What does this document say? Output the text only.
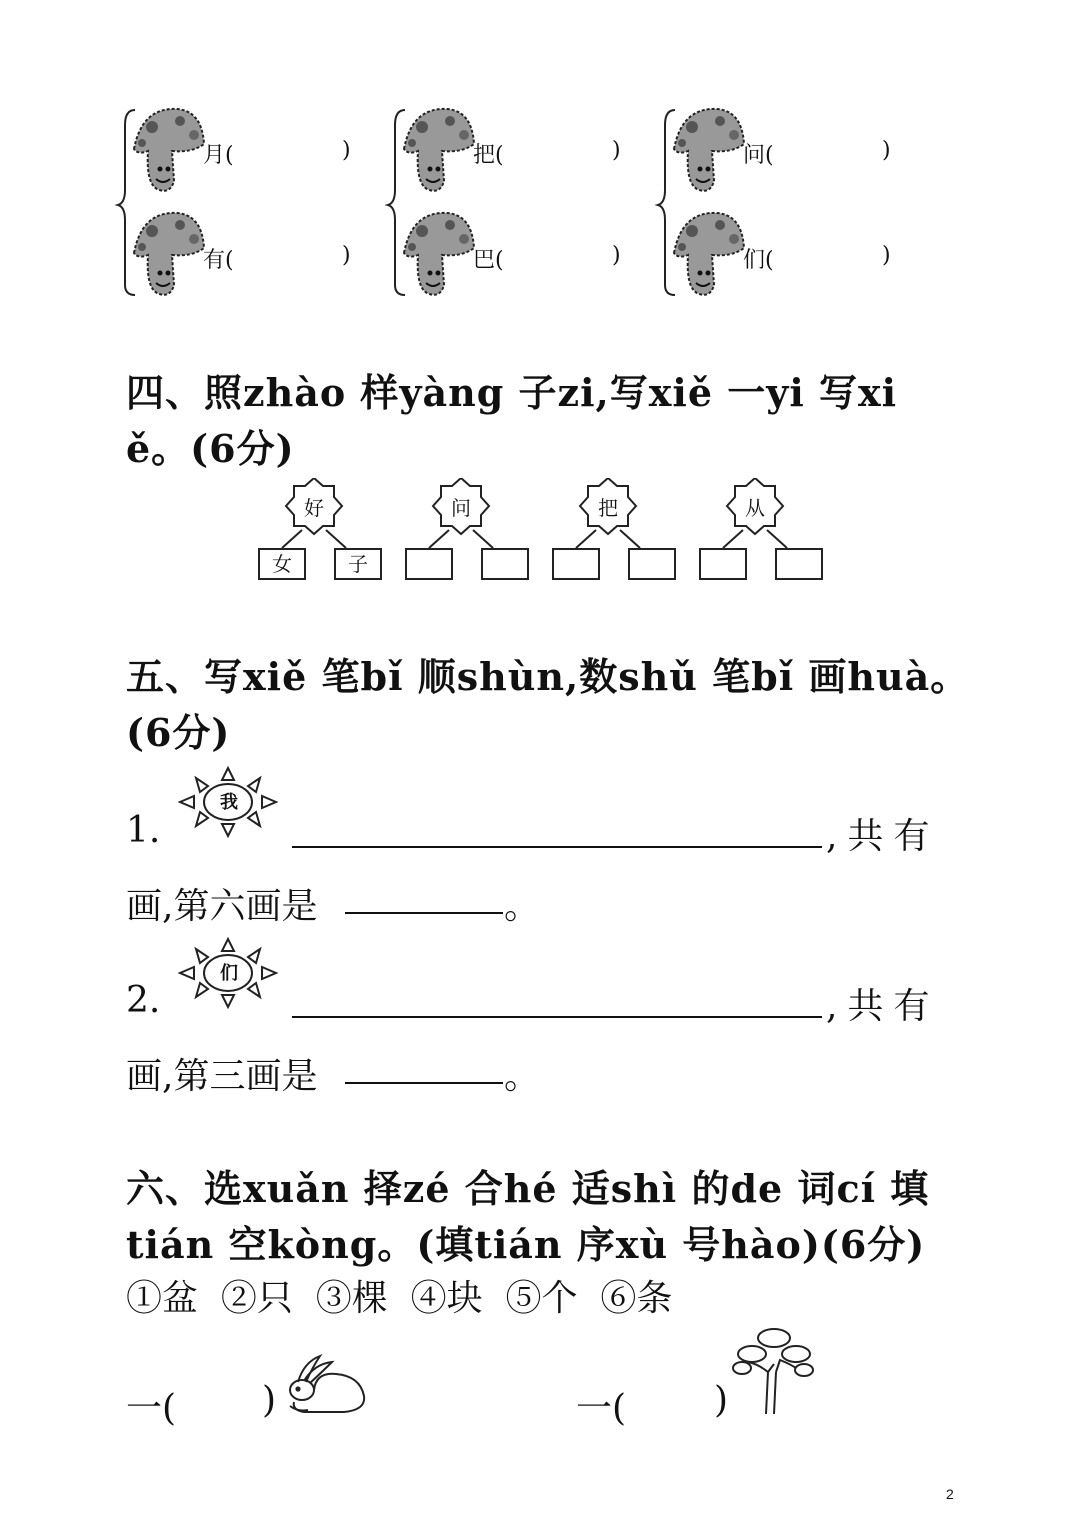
月(
有(
把(
巴(
问(
们(
)
)
)
)
)
)
四、照zhào 样yàng 子zi,写xiě 一yi 写xi
ě。(6分)
好	问	把	从
女	子
五、写xiě 笔bǐ 顺shùn,数shǔ 笔bǐ 画huà。
(6分)
我
1.	,共有
画,第六画是	。
们
2.	,共有
画,第三画是	。
六、选xuǎn 择zé 合hé 适shì 的de 词cí 填
tián 空kòng。(填tián 序xù 号hào)(6分)
①盆  ②只  ③棵  ④块  ⑤个  ⑥条
一( )	一( )
2
